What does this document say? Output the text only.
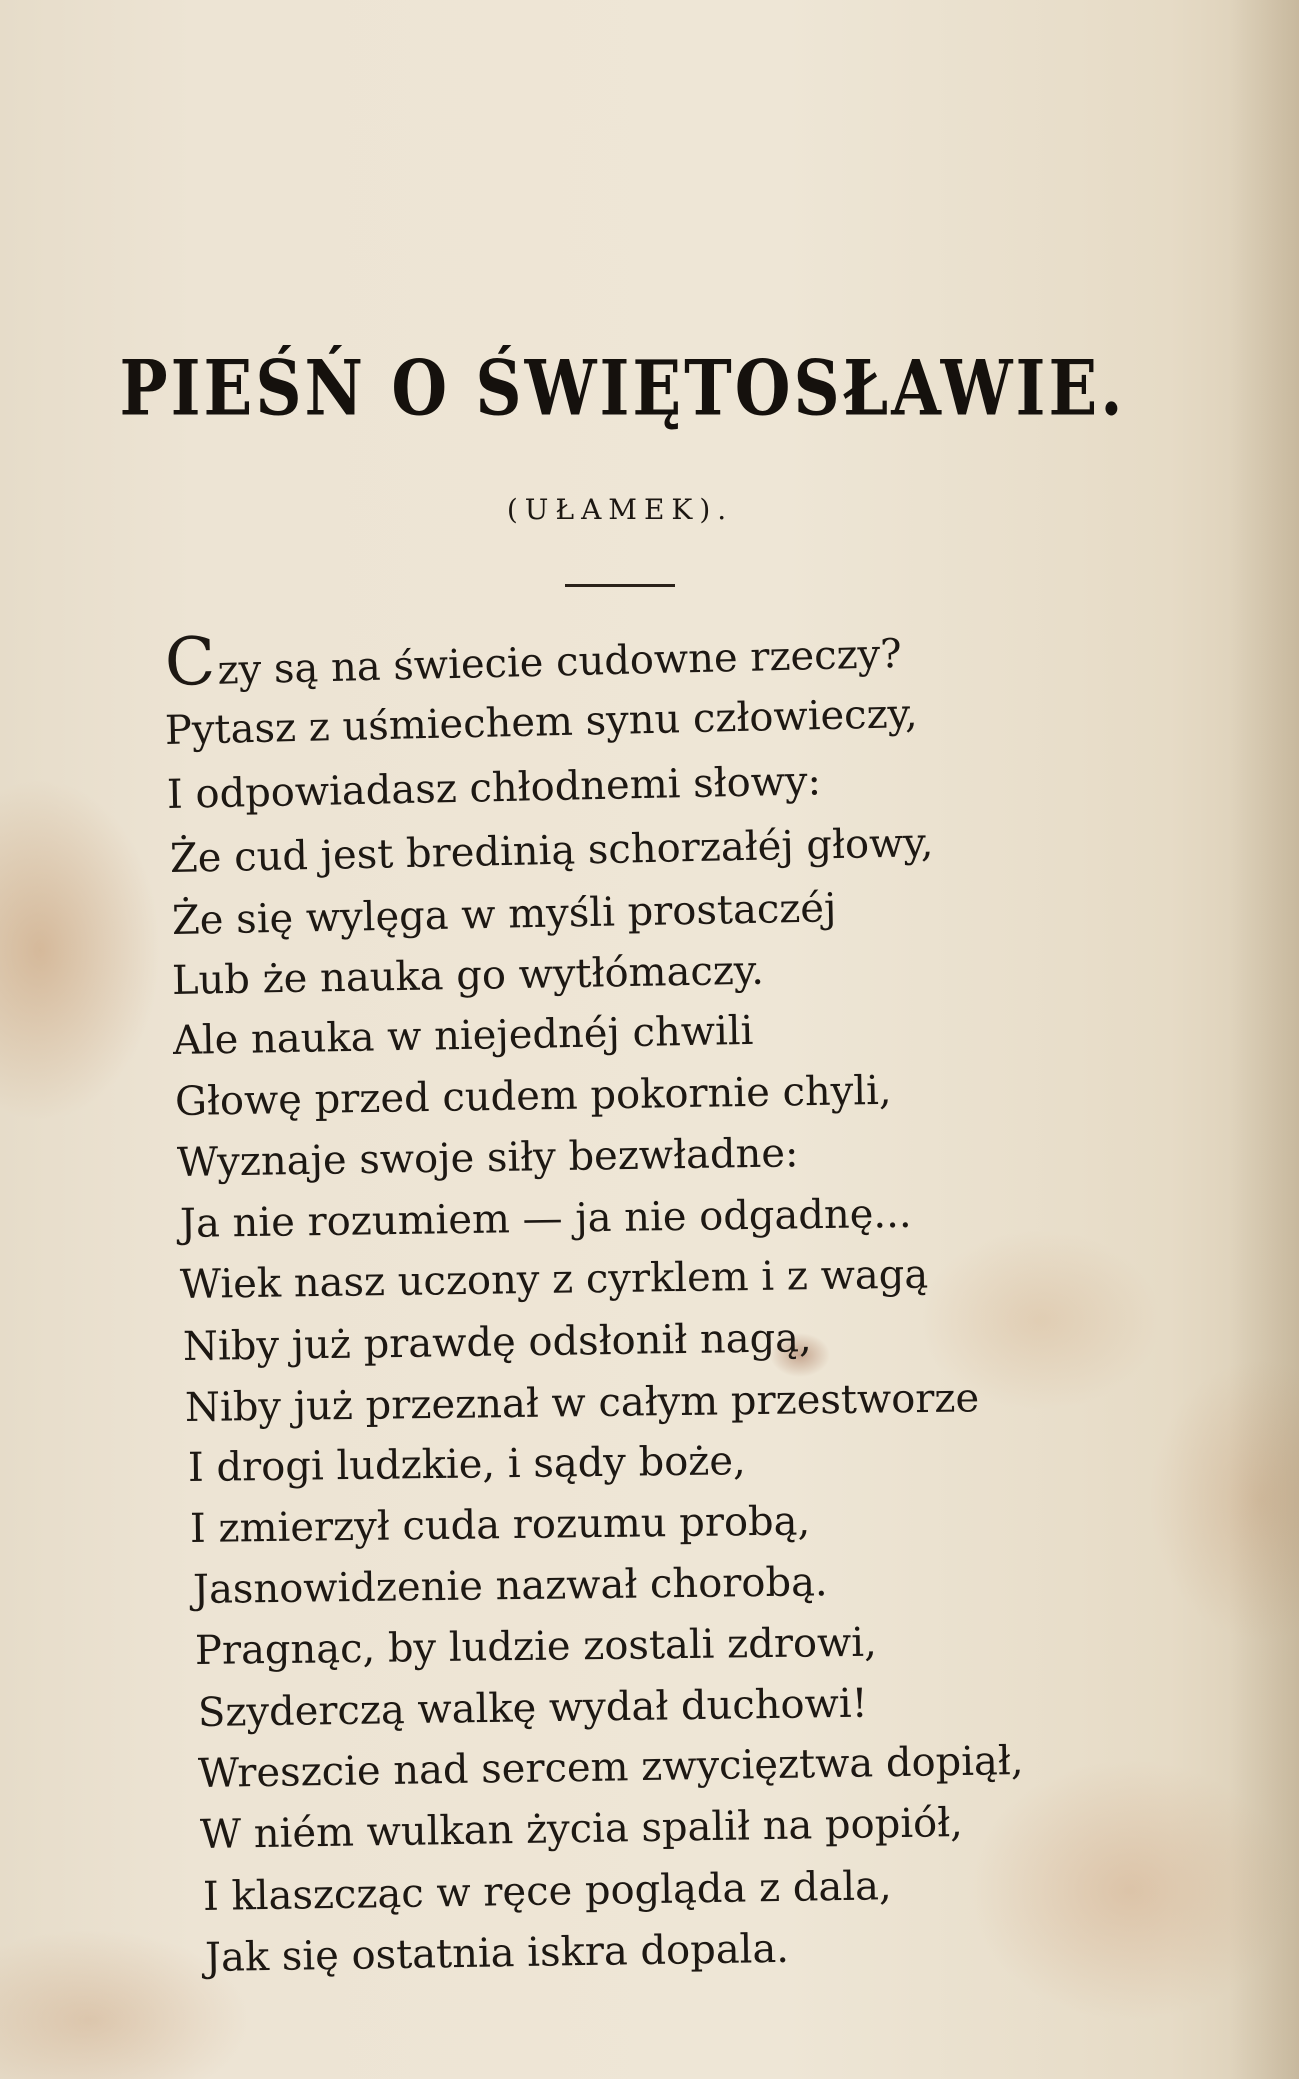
PIEŚŃ O ŚWIĘTOSŁAWIE.
(UŁAMEK).
Czy są na świecie cudowne rzeczy?
Pytasz z uśmiechem synu człowieczy,
I odpowiadasz chłodnemi słowy:
Że cud jest bredinią schorzałéj głowy,
Że się wylęga w myśli prostaczéj
Lub że nauka go wytłómaczy.
Ale nauka w niejednéj chwili
Głowę przed cudem pokornie chyli,
Wyznaje swoje siły bezwładne:
Ja nie rozumiem — ja nie odgadnę...
Wiek nasz uczony z cyrklem i z wagą
Niby już prawdę odsłonił nagą,
Niby już przeznał w całym przestworze
I drogi ludzkie, i sądy boże,
I zmierzył cuda rozumu probą,
Jasnowidzenie nazwał chorobą.
Pragnąc, by ludzie zostali zdrowi,
Szyderczą walkę wydał duchowi!
Wreszcie nad sercem zwycięztwa dopiął,
W niém wulkan życia spalił na popiół,
I klaszcząc w ręce pogląda z dala,
Jak się ostatnia iskra dopala.
